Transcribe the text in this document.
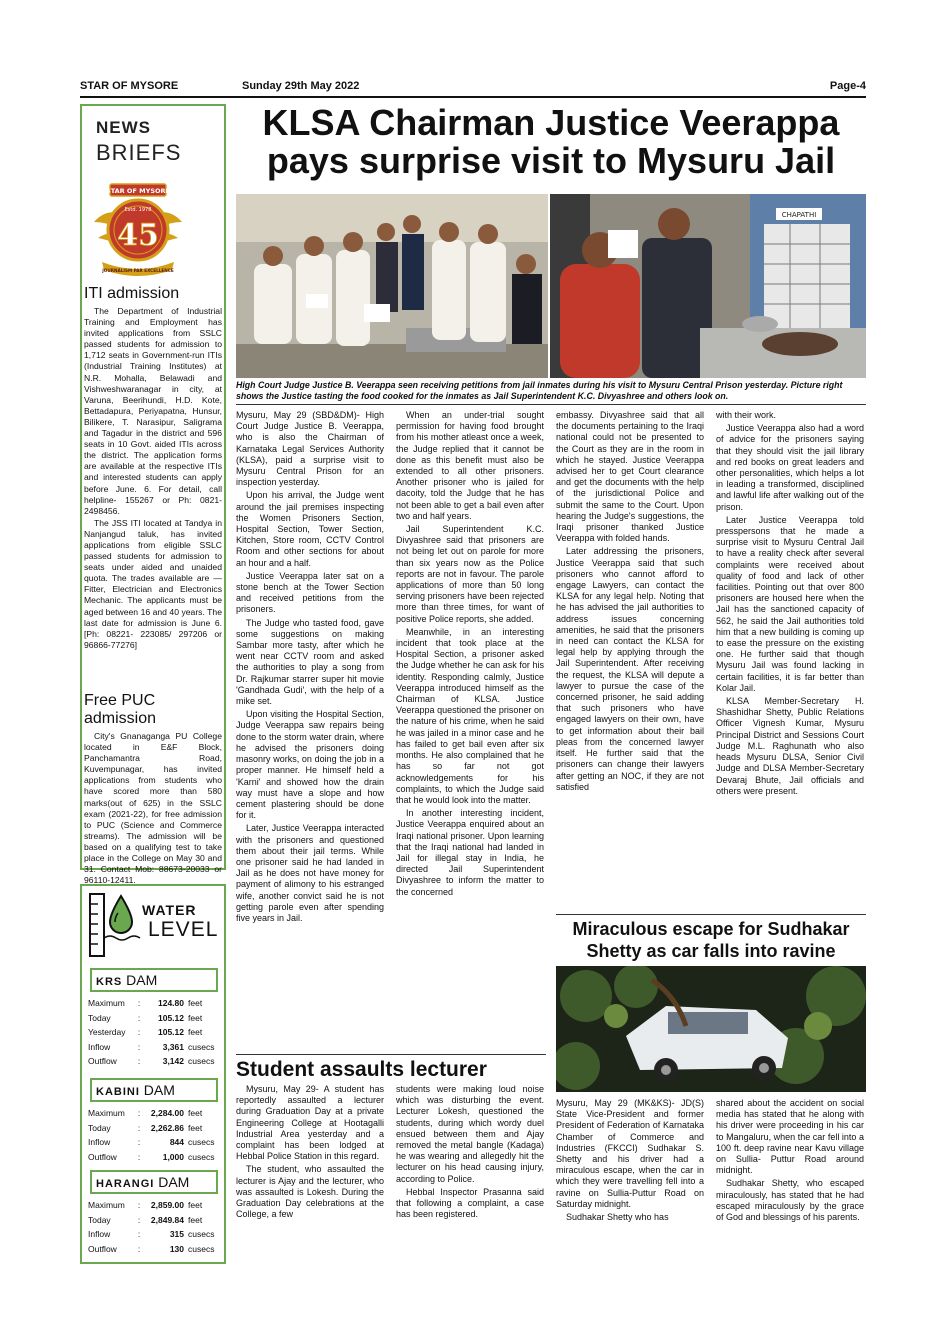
STAR OF MYSORE	Sunday 29th May 2022	Page-4
NEWS
BRIEFS
STAR OF MYSORE
Estd. 1978
45
JOURNALISM PAR EXCELLENCE
ITI admission

The Department of Industrial Training and Employment has invited applications from SSLC passed students for admission to 1,712 seats in Government-run ITIs (Industrial Training Institutes) at N.R. Mohalla, Belawadi and Vishweshwaranagar in city, at Varuna, Beerihundi, H.D. Kote, Bettadapura, Periyapatna, Hunsur, Bilikere, T. Narasipur, Saligrama and Tagadur in the district and 596 seats in 10 Govt. aided ITIs across the district. The application forms are available at the respective ITIs and interested students can apply before June. 6. For detail, call helpline- 155267 or Ph: 0821-2498456.

The JSS ITI located at Tandya in Nanjangud taluk, has invited applications from eligible SSLC passed students for admission to seats under aided and unaided quota. The trades available are — Fitter, Electrician and Electronics Mechanic. The applicants must be aged between 16 and 40 years. The last date for admission is June 6. [Ph: 08221- 223085/ 297206 or 96866-77276]

Free PUC admission

City's Gnanaganga PU College located in E&F Block, Panchamantra Road, Kuvempunagar, has invited applications from students who have scored more than 580 marks(out of 625) in the SSLC exam (2021-22), for free admission to PUC (Science and Commerce streams). The admission will be based on a qualifying test to take place in the College on May 30 and 31. Contact Mob: 88673-20033 or 96110-12411.

WATER
LEVEL
KRS DAM
Maximum	:	124.80	feet
Today	:	105.12	feet
Yesterday	:	105.12	feet
Inflow	:	3,361	cusecs
Outflow	:	3,142	cusecs
KABINI DAM
Maximum	:	2,284.00	feet
Today	:	2,262.86	feet
Inflow	:	844	cusecs
Outflow	:	1,000	cusecs
HARANGI DAM
Maximum	:	2,859.00	feet
Today	:	2,849.84	feet
Inflow	:	315	cusecs
Outflow	:	130	cusecs
KLSA Chairman Justice Veerappa
pays surprise visit to Mysuru Jail
CHAPATHI
High Court Judge Justice B. Veerappa seen receiving petitions from jail inmates during his visit to Mysuru Central Prison yesterday. Picture right shows the Justice tasting the food cooked for the inmates as Jail Superintendent K.C. Divyashree and others look on.

Mysuru, May 29 (SBD&DM)- High Court Judge Justice B. Veerappa, who is also the Chairman of Karnataka Legal Services Authority (KLSA), paid a surprise visit to Mysuru Central Prison for an inspection yesterday.

Upon his arrival, the Judge went around the jail premises inspecting the Women Prisoners Section, Hospital Section, Tower Section, Kitchen, Store room, CCTV Control Room and other sections for about an hour and a half.

Justice Veerappa later sat on a stone bench at the Tower Section and received petitions from the prisoners.

The Judge who tasted food, gave some suggestions on making Sambar more tasty, after which he went near CCTV room and asked the authorities to play a song from Dr. Rajkumar starrer super hit movie 'Gandhada Gudi', with the help of a mike set.

Upon visiting the Hospital Section, Judge Veerappa saw repairs being done to the storm water drain, where he advised the prisoners doing masonry works, on doing the job in a proper manner. He himself held a 'Karni' and showed how the drain way must have a slope and how cement plastering should be done for it.

Later, Justice Veerappa interacted with the prisoners and questioned them about their jail terms. While one prisoner said he had landed in Jail as he does not have money for payment of alimony to his estranged wife, another convict said he is not getting parole even after spending five years in Jail.

When an under-trial sought permission for having food brought from his mother atleast once a week, the Judge replied that it cannot be done as this benefit must also be extended to all other prisoners. Another prisoner who is jailed for dacoity, told the Judge that he has not been able to get a bail even after two and half years.

Jail Superintendent K.C. Divyashree said that prisoners are not being let out on parole for more than six years now as the Police reports are not in favour. The parole applications of more than 50 long serving prisoners have been rejected more than three times, for want of positive Police reports, she added.

Meanwhile, in an interesting incident that took place at the Hospital Section, a prisoner asked the Judge whether he can ask for his identity. Responding calmly, Justice Veerappa introduced himself as the Chairman of KLSA. Justice Veerappa questioned the prisoner on the nature of his crime, when he said he was jailed in a minor case and he has failed to get bail even after six months. He also complained that he has so far not got acknowledgements for his complaints, to which the Judge said that he would look into the matter.

In another interesting incident, Justice Veerappa enquired about an Iraqi national prisoner. Upon learning that the Iraqi national had landed in Jail for illegal stay in India, he directed Jail Superintendent Divyashree to inform the matter to the concerned

embassy. Divyashree said that all the documents pertaining to the Iraqi national could not be presented to the Court as they are in the room in which he stayed. Justice Veerappa advised her to get Court clearance and get the documents with the help of the jurisdictional Police and submit the same to the Court. Upon hearing the Judge's suggestions, the Iraqi prisoner thanked Justice Veerappa with folded hands.

Later addressing the prisoners, Justice Veerappa said that such prisoners who cannot afford to engage Lawyers, can contact the KLSA for any legal help. Noting that he has advised the jail authorities to address issues concerning amenities, he said that the prisoners in need can contact the KLSA for legal help by applying through the Jail Superintendent. After receiving the request, the KLSA will depute a lawyer to pursue the case of the concerned prisoner, he said adding that such prisoners who have engaged lawyers on their own, have to get information about their bail pleas from the concerned lawyer itself. He further said that the prisoners can change their lawyers after getting an NOC, if they are not satisfied

with their work.

Justice Veerappa also had a word of advice for the prisoners saying that they should visit the jail library and red books on great leaders and other personalities, which helps a lot in leading a transformed, disciplined and lawful life after walking out of the prison.

Later Justice Veerappa told presspersons that he made a surprise visit to Mysuru Central Jail to have a reality check after several complaints were received about quality of food and lack of other facilities. Pointing out that over 800 prisoners are housed here when the Jail has the sanctioned capacity of 562, he said the Jail authorities told him that a new building is coming up to ease the pressure on the existing one. He further said that though Mysuru Jail was found lacking in certain facilities, it is far better than Kolar Jail.

KLSA Member-Secretary H. Shashidhar Shetty, Public Relations Officer Vignesh Kumar, Mysuru Principal District and Sessions Court Judge M.L. Raghunath who also heads Mysuru DLSA, Senior Civil Judge and DLSA Member-Secretary Devaraj Bhute, Jail officials and others were present.

Student assaults lecturer

Mysuru, May 29- A student has reportedly assaulted a lecturer during Graduation Day at a private Engineering College at Hootagalli Industrial Area yesterday and a complaint has been lodged at Hebbal Police Station in this regard.

The student, who assaulted the lecturer is Ajay and the lecturer, who was assaulted is Lokesh. During the Graduation Day celebrations at the College, a few

students were making loud noise which was disturbing the event. Lecturer Lokesh, questioned the students, during which wordy duel ensued between them and Ajay removed the metal bangle (Kadaga) he was wearing and allegedly hit the lecturer on his head causing injury, according to Police.

Hebbal Inspector Prasanna said that following a complaint, a case has been registered.

Miraculous escape for Sudhakar Shetty as car falls into ravine

Mysuru, May 29 (MK&KS)- JD(S) State Vice-President and former President of Federation of Karnataka Chamber of Commerce and Industries (FKCCI) Sudhakar S. Shetty and his driver had a miraculous escape, when the car in which they were travelling fell into a ravine on Sullia-Puttur Road on Saturday midnight.

Sudhakar Shetty who has

shared about the accident on social media has stated that he along with his driver were proceeding in his car to Mangaluru, when the car fell into a 100 ft. deep ravine near Kavu village on Sullia- Puttur Road around midnight.

Sudhakar Shetty, who escaped miraculously, has stated that he had escaped miraculously by the grace of God and blessings of his parents.
